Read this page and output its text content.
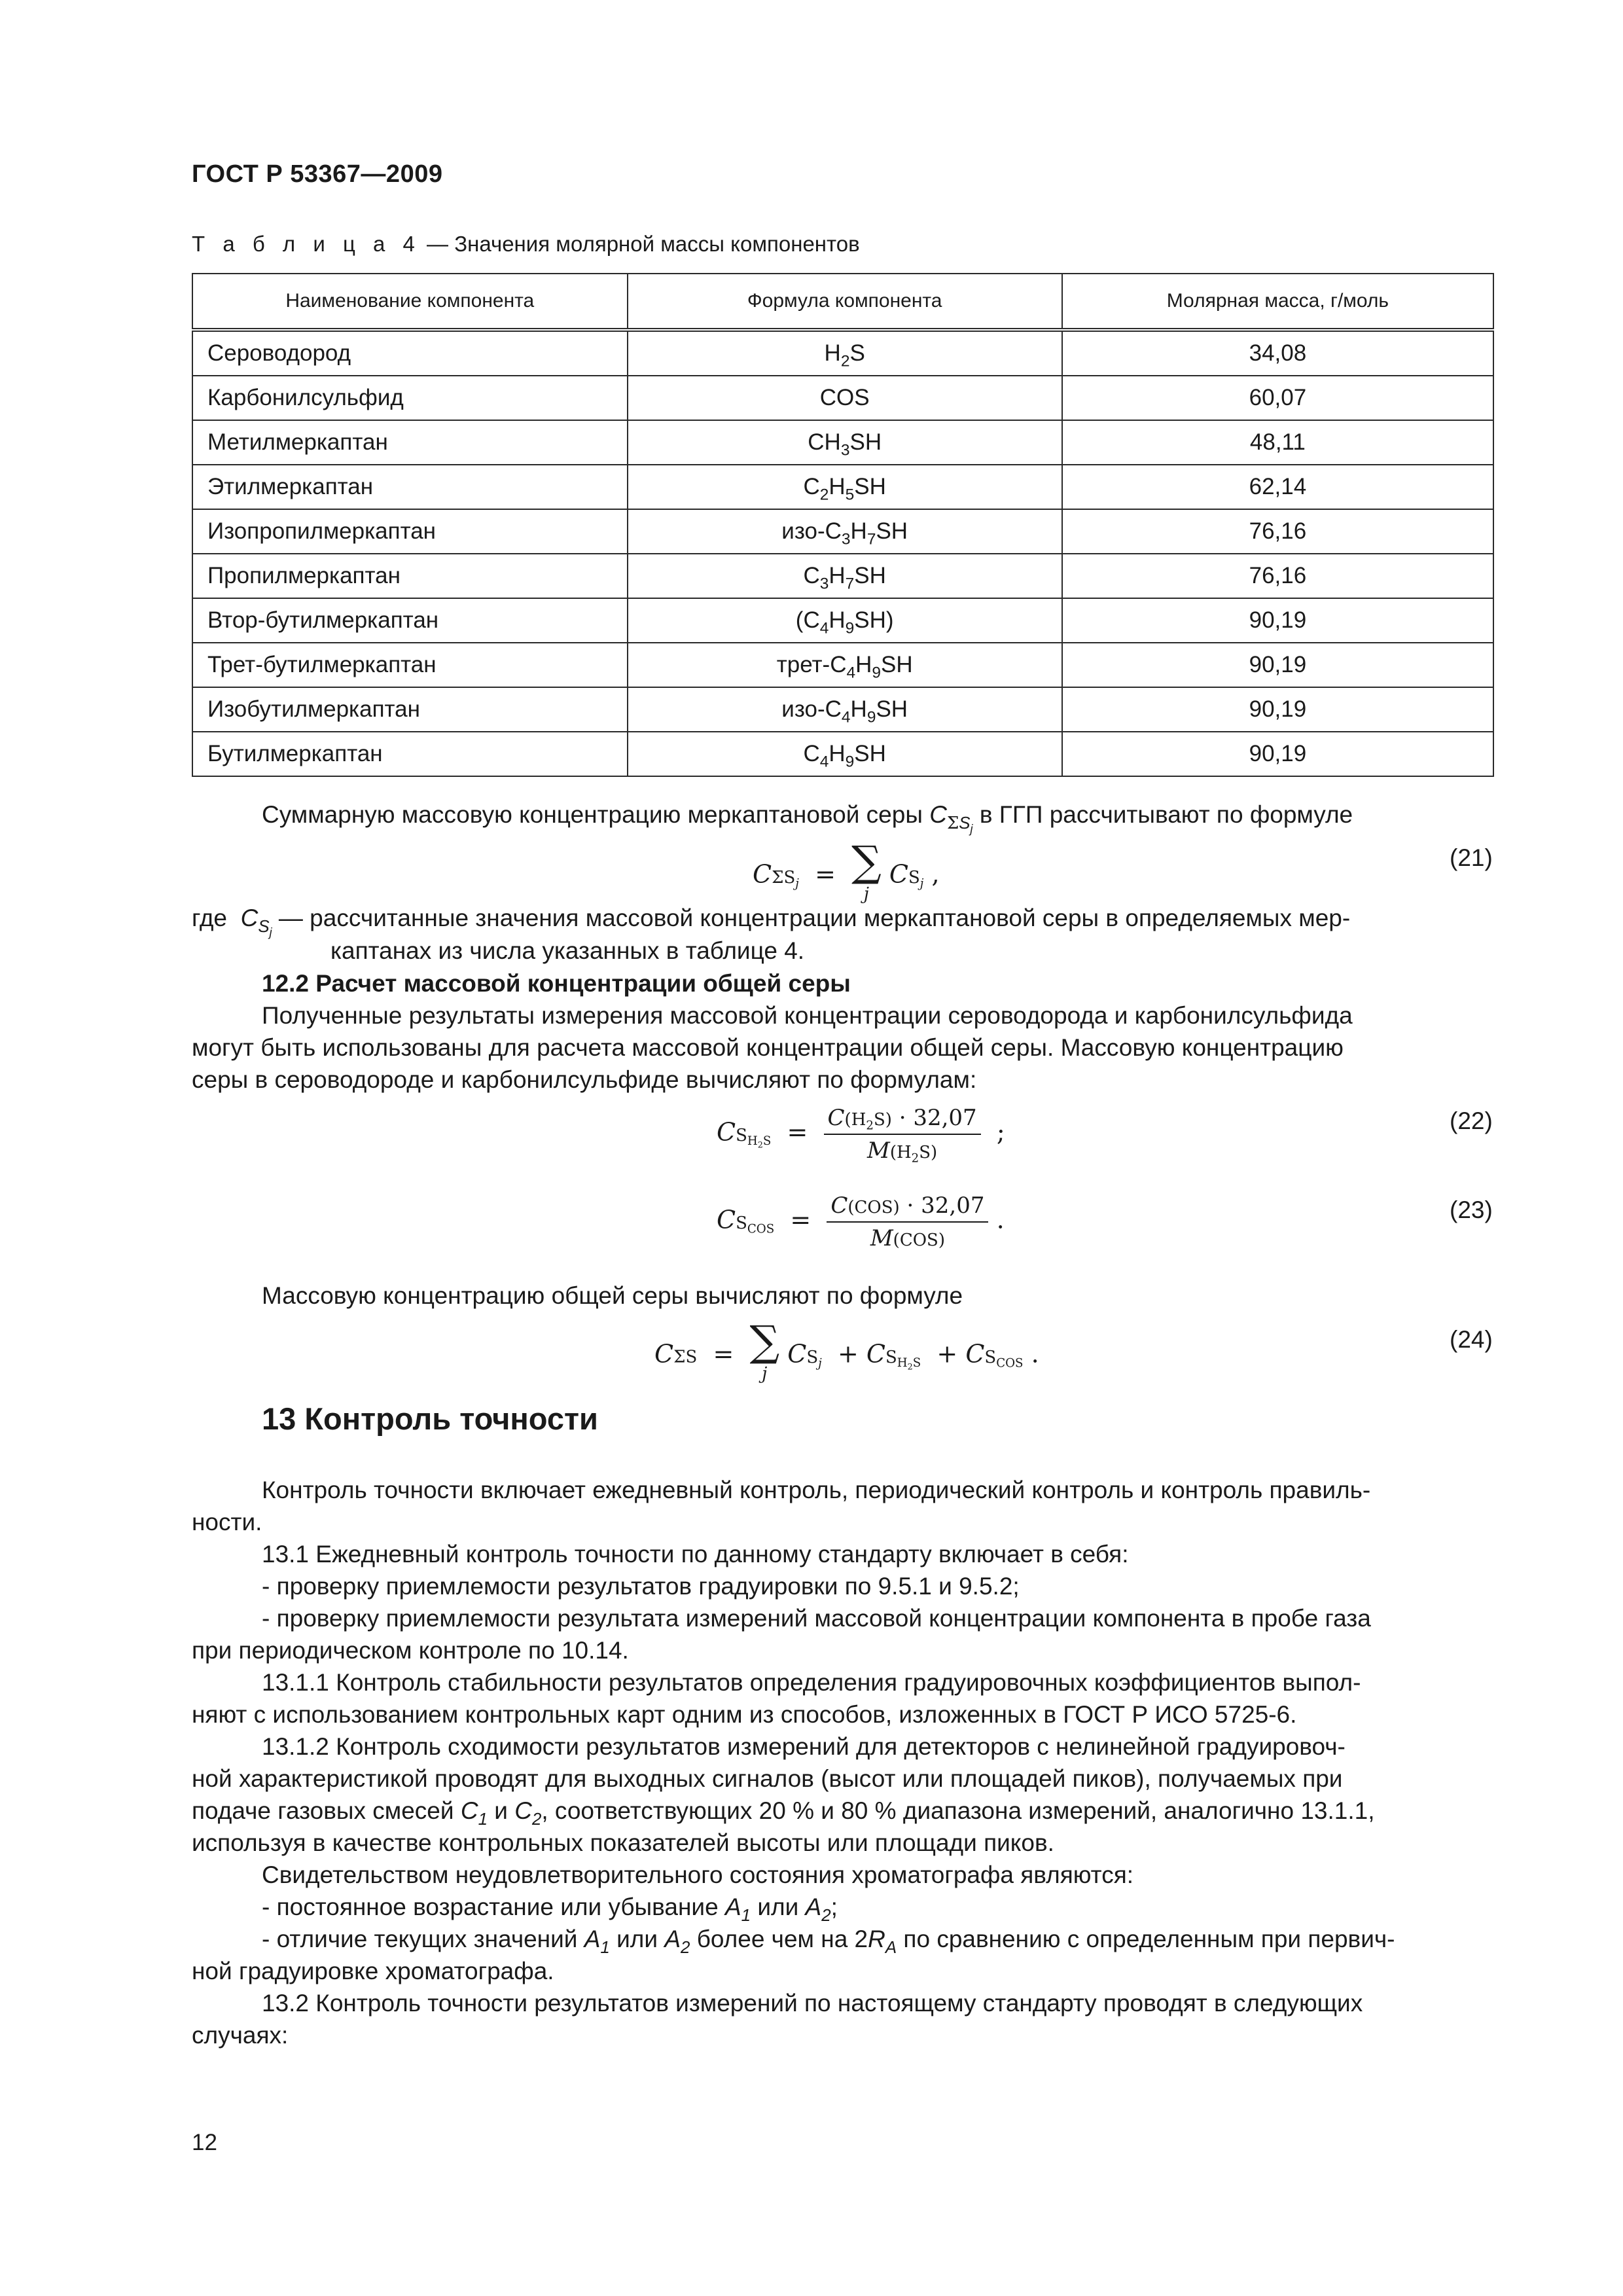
ГОСТ Р 53367—2009
Т а б л и ц а 4 — Значения молярной массы компонентов
Наименование компонента	Формула компонента	Молярная масса, г/моль
Сероводород	$H_2S$	34,08
Карбонилсульфид	COS	60,07
Метилмеркаптан	$CH_3SH$	48,11
Этилмеркаптан	$C_2H_5SH$	62,14
Изопропилмеркаптан	изо-$C_3H_7SH$	76,16
Пропилмеркаптан	$C_3H_7SH$	76,16
Втор-бутилмеркаптан	$(C_4H_9SH)$	90,19
Трет-бутилмеркаптан	трет-$C_4H_9SH$	90,19
Изобутилмеркаптан	изо-$C_4H_9SH$	90,19
Бутилмеркаптан	$C_4H_9SH$	90,19
Суммарную массовую концентрацию меркаптановой серы $C_{\Sigma S_j}$ в ГГП рассчитывают по формуле
$C\Sigma S_j$  =  ∑
$^j$ $CS_j$ ,
(21)
где $C_{S_j}$ — рассчитанные значения массовой концентрации меркаптановой серы в определяемых мер-
каптанах из числа указанных в таблице 4.
12.2 Расчет массовой концентрации общей серы
Полученные результаты измерения массовой концентрации сероводорода и карбонилсульфида
могут быть использованы для расчета массовой концентрации общей серы. Массовую концентрацию
серы в сероводороде и карбонилсульфиде вычисляют по формулам:
$CS_{H_2S} = \frac{C(H_2S) \cdot 32,07}{M(H_2S)}$ ;	(22)
$CS_{COS} = \frac{\text{C(COS) · 32,07}}{\text{M(COS)}}$ .	(23)
Массовую концентрацию общей серы вычисляют по формуле
CΣS  =  ∑
$^j$ $CS_j + CS_{H_2S} + CS_{COS}$ .	(24)
13 Контроль точности
Контроль точности включает ежедневный контроль, периодический контроль и контроль правиль-
ности.
13.1 Ежедневный контроль точности по данному стандарту включает в себя:
- проверку приемлемости результатов градуировки по 9.5.1 и 9.5.2;
- проверку приемлемости результата измерений массовой концентрации компонента в пробе газа
при периодическом контроле по 10.14.
13.1.1 Контроль стабильности результатов определения градуировочных коэффициентов выпол-
няют с использованием контрольных карт одним из способов, изложенных в ГОСТ Р ИСО 5725-6.
13.1.2 Контроль сходимости результатов измерений для детекторов с нелинейной градуировоч-
ной характеристикой проводят для выходных сигналов (высот или площадей пиков), получаемых при
подаче газовых смесей $C_1$ и $C_2$, соответствующих 20 % и 80 % диапазона измерений, аналогично 13.1.1,
используя в качестве контрольных показателей высоты или площади пиков.
Свидетельством неудовлетворительного состояния хроматографа являются:
- постоянное возрастание или убывание $A_1$ или $A_2$;
- отличие текущих значений $A_1$ или $A_2$ более чем на $2R_A$ по сравнению с определенным при первич-
ной градуировке хроматографа.
13.2 Контроль точности результатов измерений по настоящему стандарту проводят в следующих
случаях:
12
